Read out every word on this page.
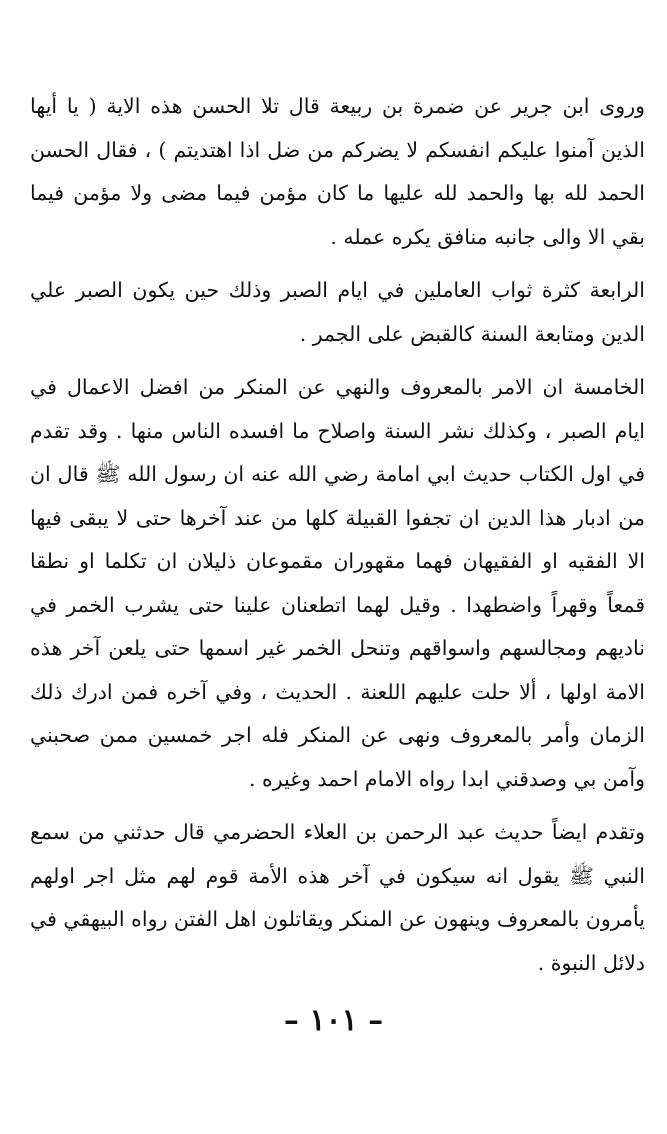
وروى ابن جرير عن ضمرة بن ربيعة قال تلا الحسن هذه الاية ( يا أيها الذين آمنوا عليكم انفسكم لا يضركم من ضل اذا اهتديتم ) ، فقال الحسن الحمد لله بها والحمد لله عليها ما كان مؤمن فيما مضى ولا مؤمن فيما بقي الا والى جانبه منافق يكره عمله .

الرابعة كثرة ثواب العاملين في ايام الصبر وذلك حين يكون الصبر علي الدين ومتابعة السنة كالقبض على الجمر .

الخامسة ان الامر بالمعروف والنهي عن المنكر من افضل الاعمال في ايام الصبر ، وكذلك نشر السنة واصلاح ما افسده الناس منها . وقد تقدم في اول الكتاب حديث ابي امامة رضي الله عنه ان رسول الله ﷺ قال ان من ادبار هذا الدين ان تجفوا القبيلة كلها من عند آخرها حتى لا يبقى فيها الا الفقيه او الفقيهان فهما مقهوران مقموعان ذليلان ان تكلما او نطقا قمعاً وقهراً واضطهدا . وقيل لهما اتطعنان علينا حتى يشرب الخمر في ناديهم ومجالسهم واسواقهم وتنحل الخمر غير اسمها حتى يلعن آخر هذه الامة اولها ، ألا حلت عليهم اللعنة . الحديث ، وفي آخره فمن ادرك ذلك الزمان وأمر بالمعروف ونهى عن المنكر فله اجر خمسين ممن صحبني وآمن بي وصدقني ابدا رواه الامام احمد وغيره .

وتقدم ايضاً حديث عبد الرحمن بن العلاء الحضرمي قال حدثني من سمع النبي ﷺ يقول انه سيكون في آخر هذه الأمة قوم لهم مثل اجر اولهم يأمرون بالمعروف وينهون عن المنكر ويقاتلون اهل الفتن رواه البيهقي في دلائل النبوة .

– ١٠١ –
